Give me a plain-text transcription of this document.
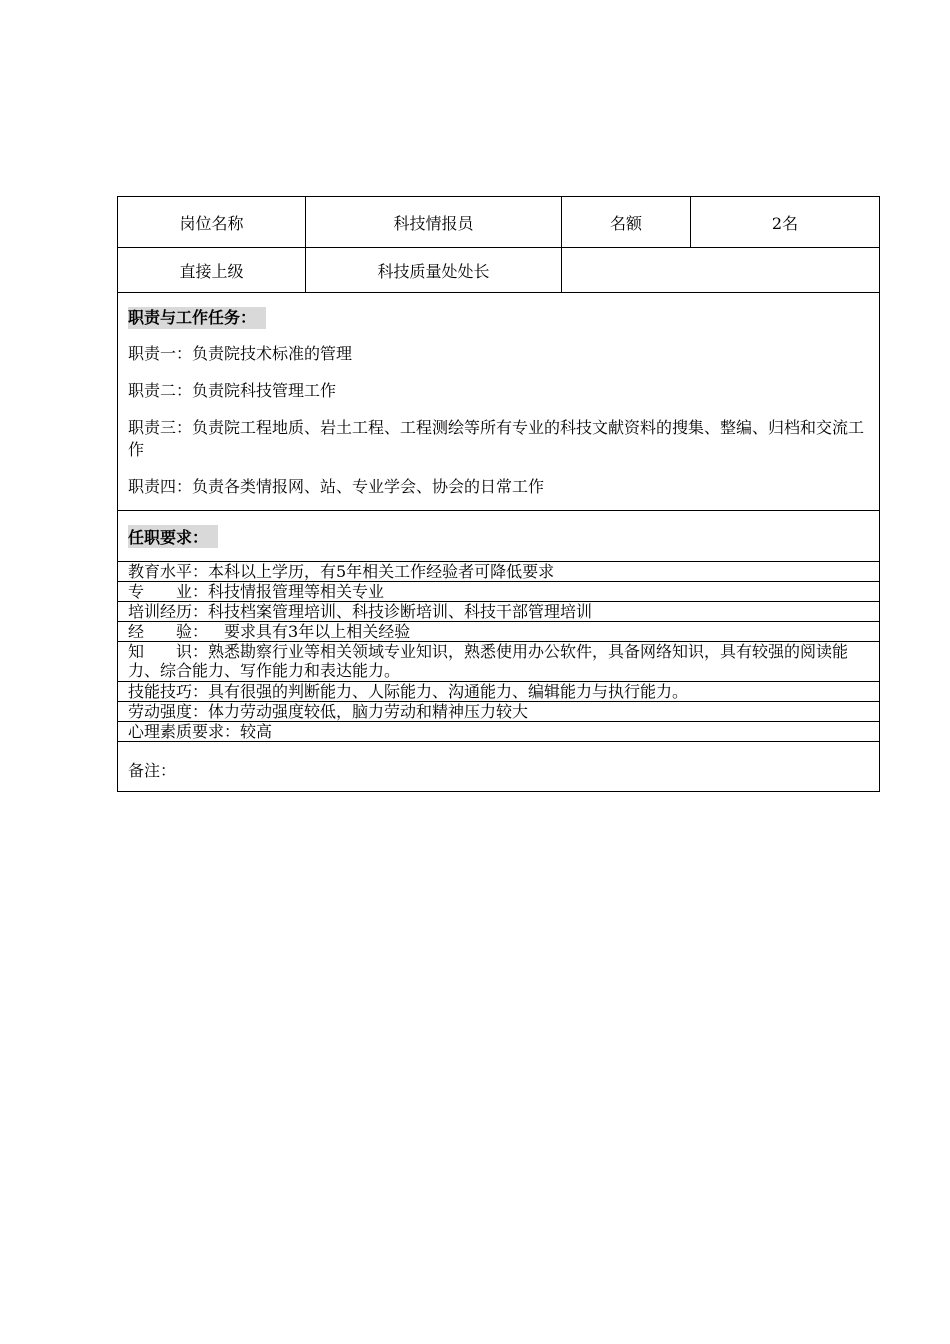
岗位名称	科技情报员	名额	2名
直接上级	科技质量处处长
职责与工作任务：

职责一：负责院技术标准的管理

职责二：负责院科技管理工作

职责三：负责院工程地质、岩土工程、工程测绘等所有专业的科技文献资料的搜集、整编、归档和交流工作

职责四：负责各类情报网、站、专业学会、协会的日常工作

任职要求：
教育水平：本科以上学历，有5年相关工作经验者可降低要求
专 业：科技情报管理等相关专业
培训经历：科技档案管理培训、科技诊断培训、科技干部管理培训
经 验： 要求具有3年以上相关经验
知 识：熟悉勘察行业等相关领域专业知识，熟悉使用办公软件，具备网络知识，具有较强的阅读能力、综合能力、写作能力和表达能力。
技能技巧：具有很强的判断能力、人际能力、沟通能力、编辑能力与执行能力。
劳动强度：体力劳动强度较低，脑力劳动和精神压力较大
心理素质要求：较高
备注：
